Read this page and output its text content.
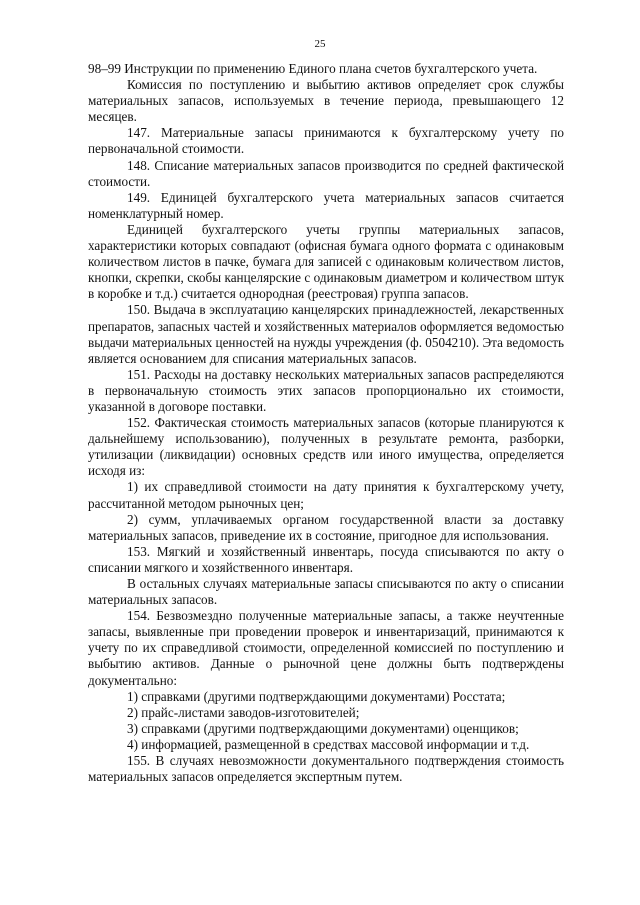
25

98–99 Инструкции по применению Единого плана счетов бухгалтерского учета.

Комиссия по поступлению и выбытию активов определяет срок службы материальных запасов, используемых в течение периода, превышающего 12 месяцев.

147. Материальные запасы принимаются к бухгалтерскому учету по первоначальной стоимости.

148. Списание материальных запасов производится по средней фактической стоимости.

149. Единицей бухгалтерского учета материальных запасов считается номенклатурный номер.

Единицей бухгалтерского учеты группы материальных запасов, характеристики которых совпадают (офисная бумага одного формата с одинаковым количеством листов в пачке, бумага для записей с одинаковым количеством листов, кнопки, скрепки, скобы канцелярские с одинаковым диаметром и количеством штук в коробке и т.д.) считается однородная (реестровая) группа запасов.

150. Выдача в эксплуатацию канцелярских принадлежностей, лекарственных препаратов, запасных частей и хозяйственных материалов оформляется ведомостью выдачи материальных ценностей на нужды учреждения (ф. 0504210). Эта ведомость является основанием для списания материальных запасов.

151. Расходы на доставку нескольких материальных запасов распределяются в первоначальную стоимость этих запасов пропорционально их стоимости, указанной в договоре поставки.

152. Фактическая стоимость материальных запасов (которые планируются к дальнейшему использованию), полученных в результате ремонта, разборки, утилизации (ликвидации) основных средств или иного имущества, определяется исходя из:

1) их справедливой стоимости на дату принятия к бухгалтерскому учету, рассчитанной методом рыночных цен;

2) сумм, уплачиваемых органом государственной власти за доставку материальных запасов, приведение их в состояние, пригодное для использования.

153. Мягкий и хозяйственный инвентарь, посуда списываются по акту о списании мягкого и хозяйственного инвентаря.

В остальных случаях материальные запасы списываются по акту о списании материальных запасов.

154. Безвозмездно полученные материальные запасы, а также неучтенные запасы, выявленные при проведении проверок и инвентаризаций, принимаются к учету по их справедливой стоимости, определенной комиссией по поступлению и выбытию активов. Данные о рыночной цене должны быть подтверждены документально:

1) справками (другими подтверждающими документами) Росстата;

2) прайс-листами заводов-изготовителей;

3) справками (другими подтверждающими документами) оценщиков;

4) информацией, размещенной в средствах массовой информации и т.д.

155. В случаях невозможности документального подтверждения стоимость материальных запасов определяется экспертным путем.
